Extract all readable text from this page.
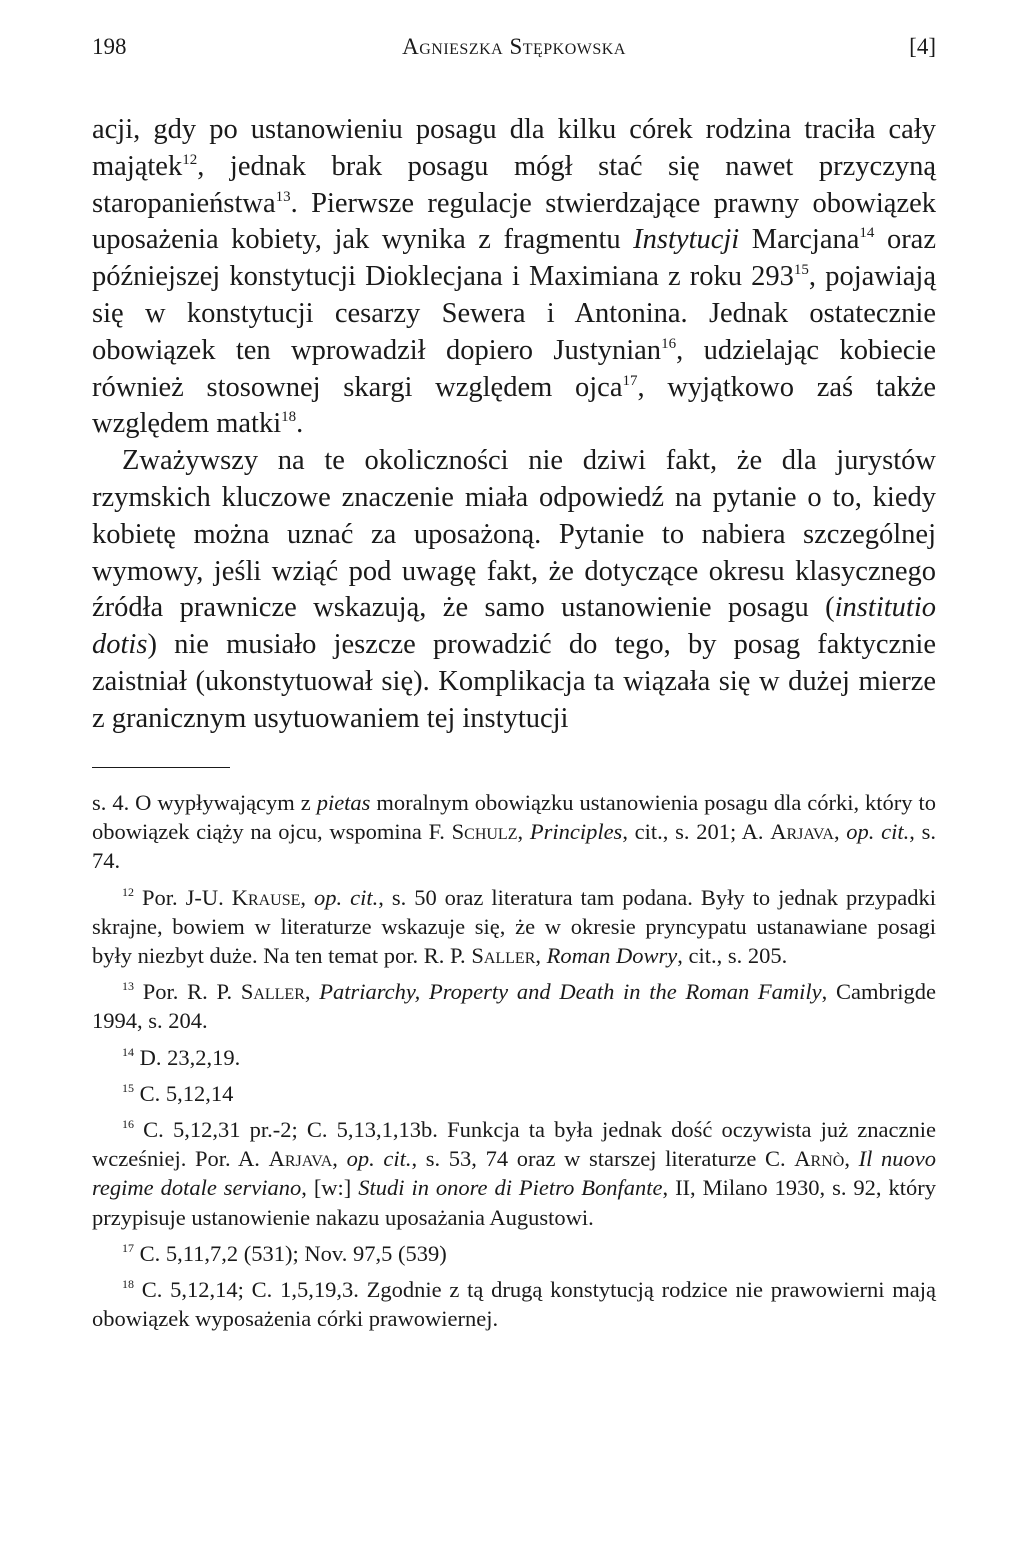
198	Agnieszka Stępkowska	[4]

acji, gdy po ustanowieniu posagu dla kilku córek rodzina traciła cały majątek$^{12}$, jednak brak posagu mógł stać się nawet przyczyną staropanieństwa$^{13}$. Pierwsze regulacje stwierdzające prawny obowiązek uposażenia kobiety, jak wynika z fragmentu Instytucji Marcjana$^{14}$ oraz późniejszej konstytucji Dioklecjana i Maximiana z roku $293^{15}$, pojawiają się w konstytucji cesarzy Sewera i Antonina. Jednak ostatecznie obowiązek ten wprowadził dopiero Justynian$^{16}$, udzielając kobiecie również stosownej skargi względem ojca$^{17}$, wyjątkowo zaś także względem matki$^{18}$.

Zważywszy na te okoliczności nie dziwi fakt, że dla jurystów rzymskich kluczowe znaczenie miała odpowiedź na pytanie o to, kiedy kobietę można uznać za uposażoną. Pytanie to nabiera szczególnej wymowy, jeśli wziąć pod uwagę fakt, że dotyczące okresu klasycznego źródła prawnicze wskazują, że samo ustanowienie posagu (institutio dotis) nie musiało jeszcze prowadzić do tego, by posag faktycznie zaistniał (ukonstytuował się). Komplikacja ta wiązała się w dużej mierze z granicznym usytuowaniem tej instytucji

s. 4. O wypływającym z pietas moralnym obowiązku ustanowienia posagu dla córki, który to obowiązek ciąży na ojcu, wspomina F. Schulz, Principles, cit., s. 201; A. Arjava, op. cit., s. 74.

$^{12}$ Por. J-U. Krause, op. cit., s. 50 oraz literatura tam podana. Były to jednak przypadki skrajne, bowiem w literaturze wskazuje się, że w okresie pryncypatu ustanawiane posagi były niezbyt duże. Na ten temat por. R. P. Saller, Roman Dowry, cit., s. 205.

$^{13}$ Por. R. P. Saller, Patriarchy, Property and Death in the Roman Family, Cambrigde 1994, s. 204.

$^{14}$ D. 23,2,19.

$^{15}$ C. 5,12,14

$^{16}$ C. 5,12,31 pr.-2; C. 5,13,1,13b. Funkcja ta była jednak dość oczywista już znacznie wcześniej. Por. A. Arjava, op. cit., s. 53, 74 oraz w starszej literaturze C. Arnò, Il nuovo regime dotale serviano, [w:] Studi in onore di Pietro Bonfante, II, Milano 1930, s. 92, który przypisuje ustanowienie nakazu uposażania Augustowi.

$^{17}$ C. 5,11,7,2 (531); Nov. 97,5 (539)

$^{18}$ C. 5,12,14; C. 1,5,19,3. Zgodnie z tą drugą konstytucją rodzice nie prawowierni mają obowiązek wyposażenia córki prawowiernej.
